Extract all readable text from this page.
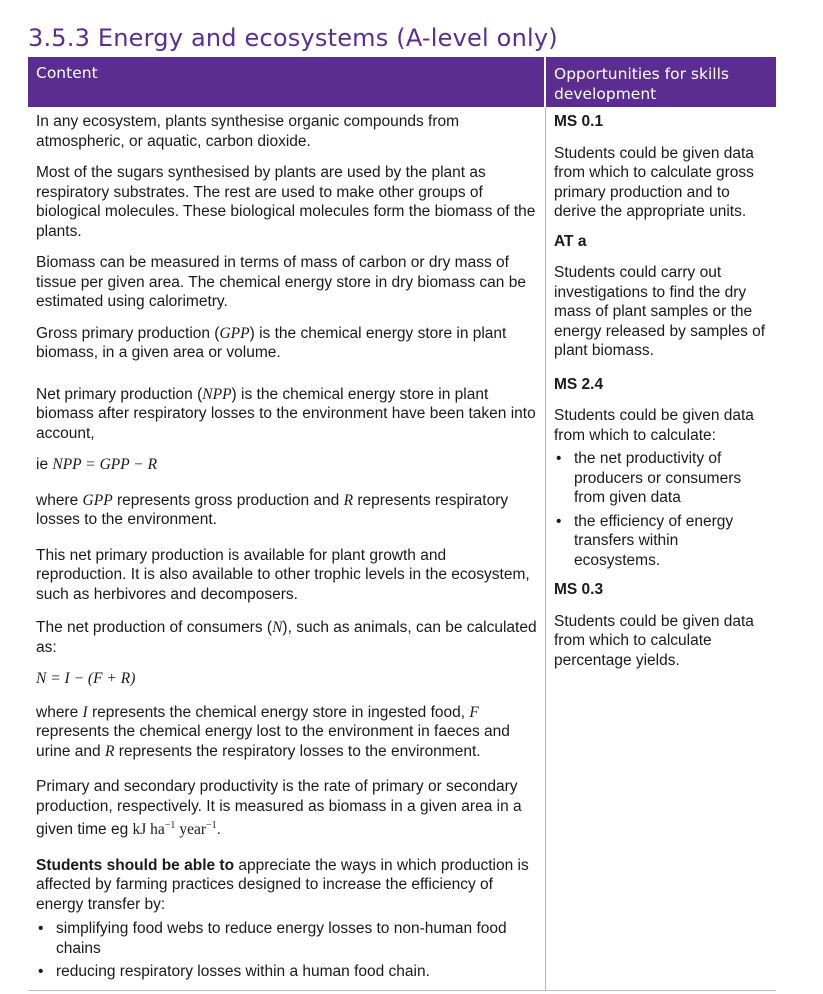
3.5.3 Energy and ecosystems (A-level only)
Content	Opportunities for skills development

In any ecosystem, plants synthesise organic compounds from atmospheric, or aquatic, carbon dioxide.

Most of the sugars synthesised by plants are used by the plant as respiratory substrates. The rest are used to make other groups of biological molecules. These biological molecules form the biomass of the plants.

Biomass can be measured in terms of mass of carbon or dry mass of tissue per given area. The chemical energy store in dry biomass can be estimated using calorimetry.

Gross primary production (GPP) is the chemical energy store in plant biomass, in a given area or volume.

Net primary production (NPP) is the chemical energy store in plant biomass after respiratory losses to the environment have been taken into account,

ie NPP = GPP − R

where GPP represents gross production and R represents respiratory losses to the environment.

This net primary production is available for plant growth and reproduction. It is also available to other trophic levels in the ecosystem, such as herbivores and decomposers.

The net production of consumers (N), such as animals, can be calculated as:

N = I − (F + R)

where I represents the chemical energy store in ingested food, F represents the chemical energy lost to the environment in faeces and urine and R represents the respiratory losses to the environment.

Primary and secondary productivity is the rate of primary or secondary production, respectively. It is measured as biomass in a given area in a given time eg kJ $ha^{-1}$ year$^{-1}$.

Students should be able to appreciate the ways in which production is affected by farming practices designed to increase the efficiency of energy transfer by:

• simplifying food webs to reduce energy losses to non-human food chains
• reducing respiratory losses within a human food chain.

MS 0.1

Students could be given data from which to calculate gross primary production and to derive the appropriate units.

AT a

Students could carry out investigations to find the dry mass of plant samples or the energy released by samples of plant biomass.

MS 2.4

Students could be given data from which to calculate:

• the net productivity of producers or consumers from given data
• the efficiency of energy transfers within ecosystems.

MS 0.3

Students could be given data from which to calculate percentage yields.
